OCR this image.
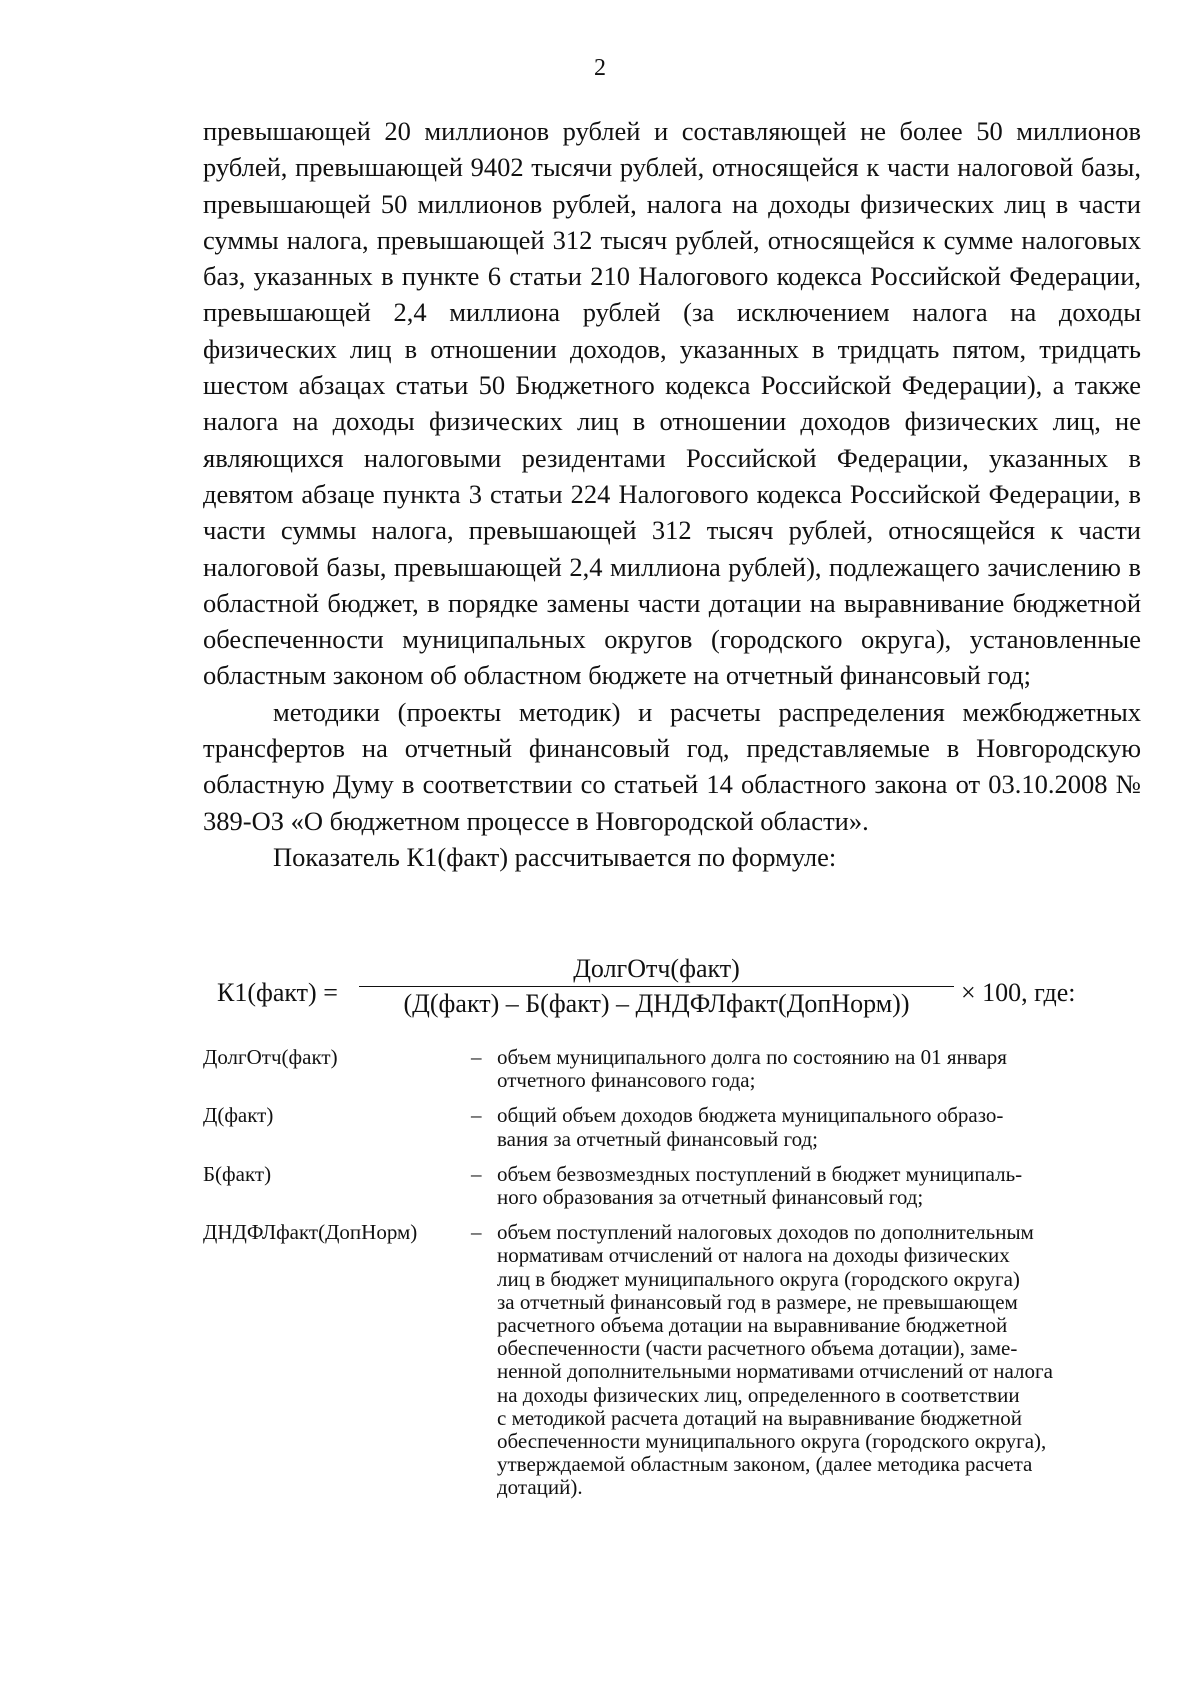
2

превышающей 20 миллионов рублей и составляющей не более 50 миллионов рублей, превышающей 9402 тысячи рублей, относящейся к части налоговой базы, превышающей 50 миллионов рублей, налога на доходы физических лиц в части суммы налога, превышающей 312 тысяч рублей, относящейся к сумме налоговых баз, указанных в пункте 6 статьи 210 Налогового кодекса Российской Федерации, превышающей 2,4 миллиона рублей (за исключением налога на доходы физических лиц в отношении доходов, указанных в тридцать пятом, тридцать шестом абзацах статьи 50 Бюджетного кодекса Российской Федерации), а также налога на доходы физических лиц в отношении доходов физических лиц, не являющихся налоговыми резидентами Российской Федерации, указанных в девятом абзаце пункта 3 статьи 224 Налогового кодекса Российской Федерации, в части суммы налога, превышающей 312 тысяч рублей, относящейся к части налоговой базы, превышающей 2,4 миллиона рублей), подлежащего зачислению в областной бюджет, в порядке замены части дотации на выравнивание бюджетной обеспеченности муниципальных округов (городского округа), установленные областным законом об областном бюджете на отчетный финансовый год;

методики (проекты методик) и расчеты распределения межбюджетных трансфертов на отчетный финансовый год, представляемые в Новгородскую областную Думу в соответствии со статьей 14 областного закона от 03.10.2008 № 389-ОЗ «О бюджетном процессе в Новгородской области».

Показатель К1(факт) рассчитывается по формуле:

К1(факт) =
ДолгОтч(факт)
(Д(факт) – Б(факт) – ДНДФЛфакт(ДопНорм))	× 100, где:
ДолгОтч(факт)	– объем муниципального долга по состоянию на 01 января
отчетного финансового года;
Д(факт)	– общий объем доходов бюджета муниципального образо-
вания за отчетный финансовый год;
Б(факт)	– объем безвозмездных поступлений в бюджет муниципаль-
ного образования за отчетный финансовый год;
ДНДФЛфакт(ДопНорм)	– объем поступлений налоговых доходов по дополнительным
нормативам отчислений от налога на доходы физических
лиц в бюджет муниципального округа (городского округа)
за отчетный финансовый год в размере, не превышающем
расчетного объема дотации на выравнивание бюджетной
обеспеченности (части расчетного объема дотации), заме-
ненной дополнительными нормативами отчислений от налога
на доходы физических лиц, определенного в соответствии
с методикой расчета дотаций на выравнивание бюджетной
обеспеченности муниципального округа (городского округа),
утверждаемой областным законом, (далее методика расчета
дотаций).
